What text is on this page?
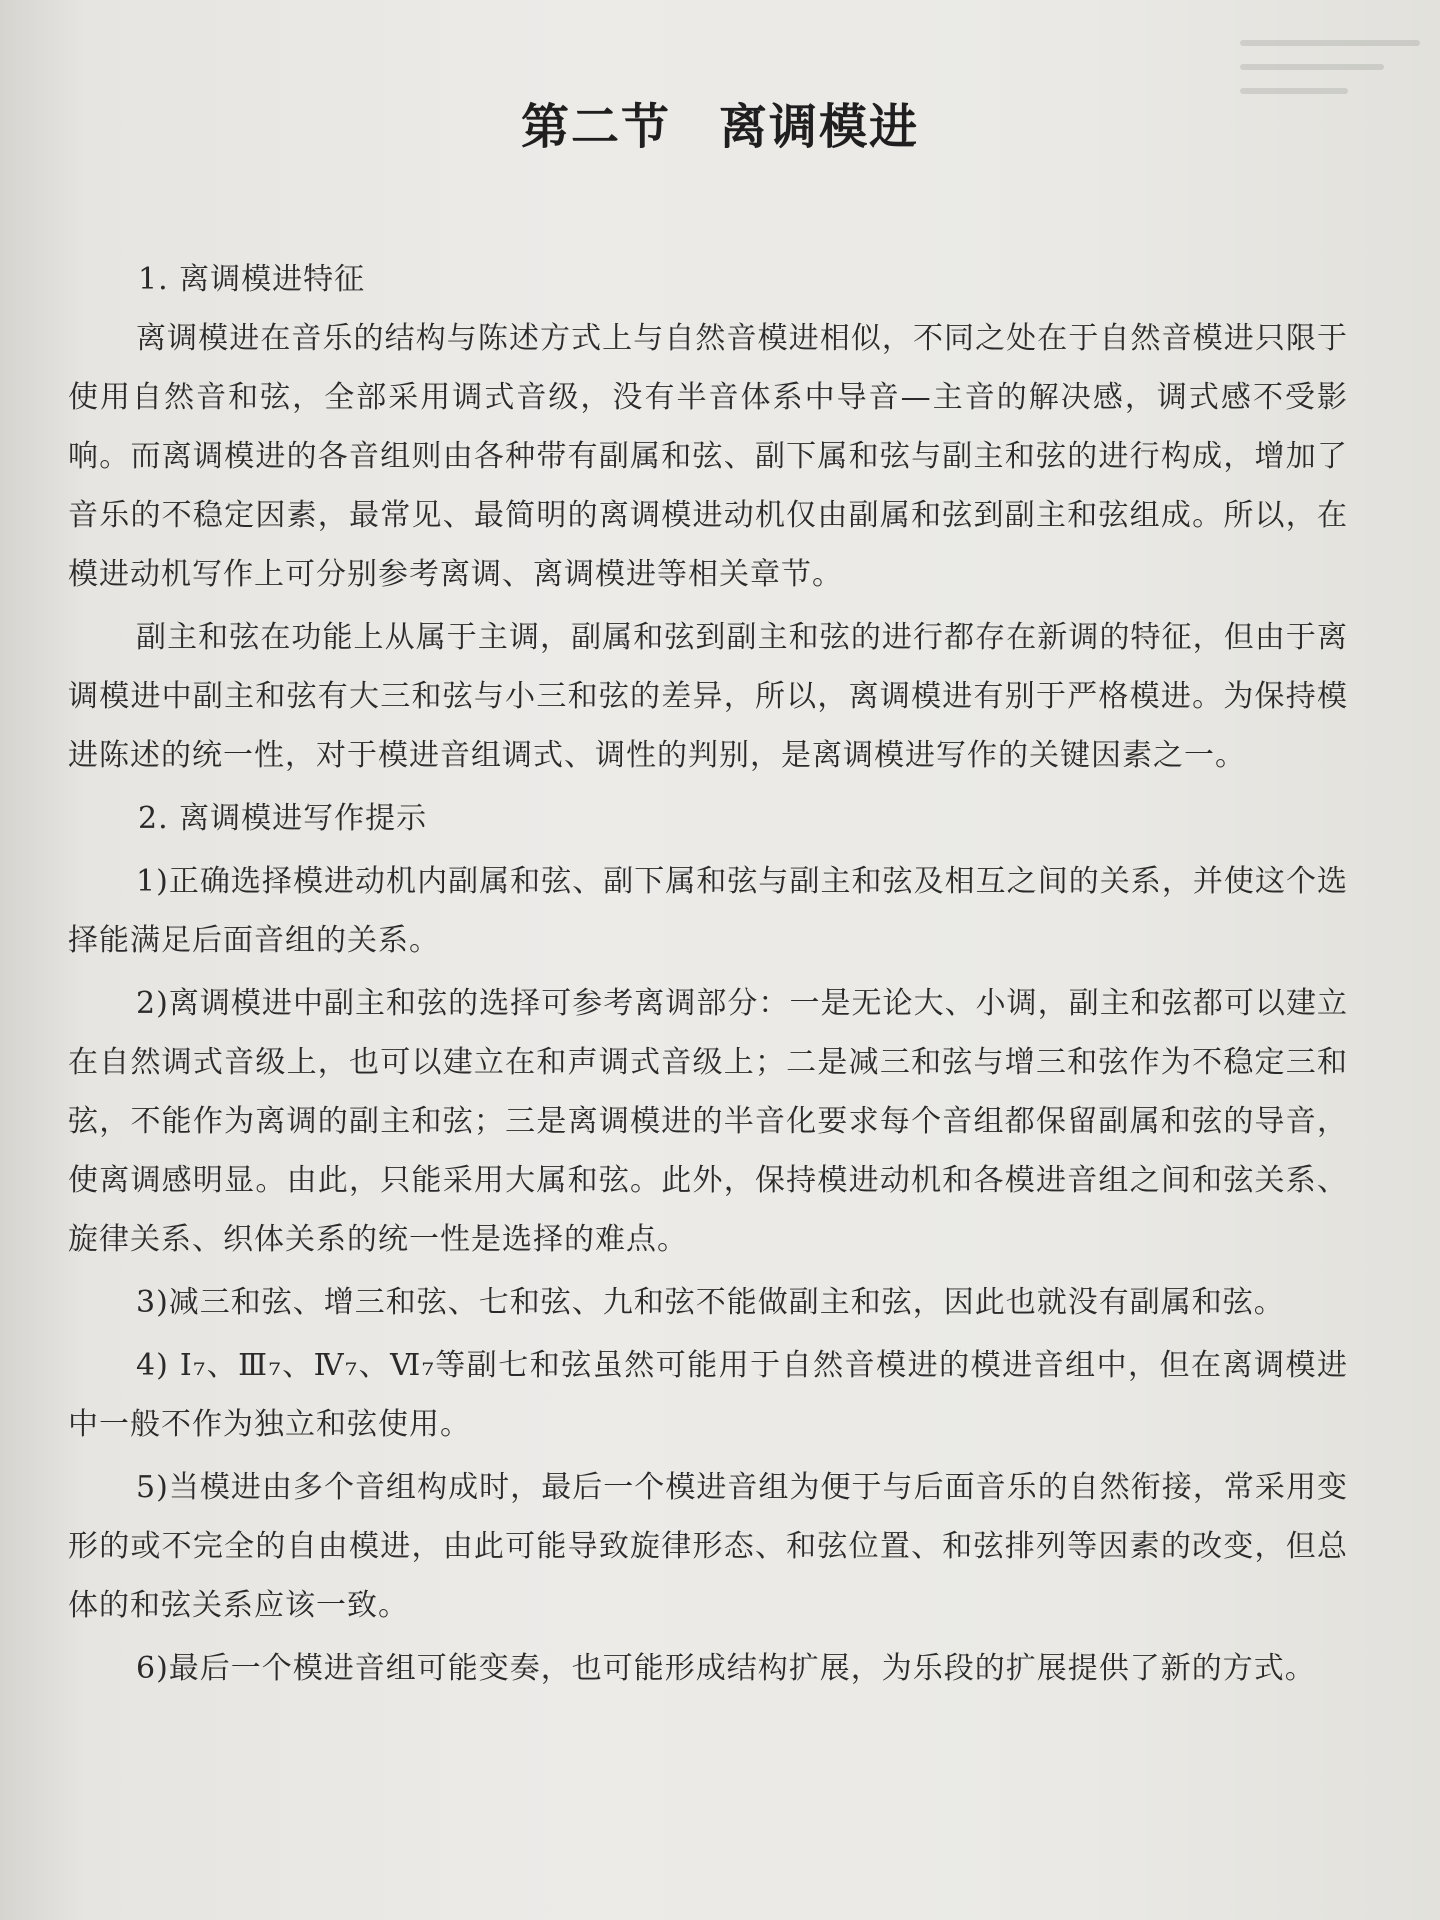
第二节 离调模进

1. 离调模进特征

离调模进在音乐的结构与陈述方式上与自然音模进相似，不同之处在于自然音模进只限于使用自然音和弦，全部采用调式音级，没有半音体系中导音—主音的解决感，调式感不受影响。而离调模进的各音组则由各种带有副属和弦、副下属和弦与副主和弦的进行构成，增加了音乐的不稳定因素，最常见、最简明的离调模进动机仅由副属和弦到副主和弦组成。所以，在模进动机写作上可分别参考离调、离调模进等相关章节。

副主和弦在功能上从属于主调，副属和弦到副主和弦的进行都存在新调的特征，但由于离调模进中副主和弦有大三和弦与小三和弦的差异，所以，离调模进有别于严格模进。为保持模进陈述的统一性，对于模进音组调式、调性的判别，是离调模进写作的关键因素之一。

2. 离调模进写作提示

1)正确选择模进动机内副属和弦、副下属和弦与副主和弦及相互之间的关系，并使这个选择能满足后面音组的关系。

2)离调模进中副主和弦的选择可参考离调部分：一是无论大、小调，副主和弦都可以建立在自然调式音级上，也可以建立在和声调式音级上；二是减三和弦与增三和弦作为不稳定三和弦，不能作为离调的副主和弦；三是离调模进的半音化要求每个音组都保留副属和弦的导音，使离调感明显。由此，只能采用大属和弦。此外，保持模进动机和各模进音组之间和弦关系、旋律关系、织体关系的统一性是选择的难点。

3)减三和弦、增三和弦、七和弦、九和弦不能做副主和弦，因此也就没有副属和弦。

4) Ⅰ₇、Ⅲ₇、Ⅳ₇、Ⅵ₇等副七和弦虽然可能用于自然音模进的模进音组中，但在离调模进中一般不作为独立和弦使用。

5)当模进由多个音组构成时，最后一个模进音组为便于与后面音乐的自然衔接，常采用变形的或不完全的自由模进，由此可能导致旋律形态、和弦位置、和弦排列等因素的改变，但总体的和弦关系应该一致。

6)最后一个模进音组可能变奏，也可能形成结构扩展，为乐段的扩展提供了新的方式。
